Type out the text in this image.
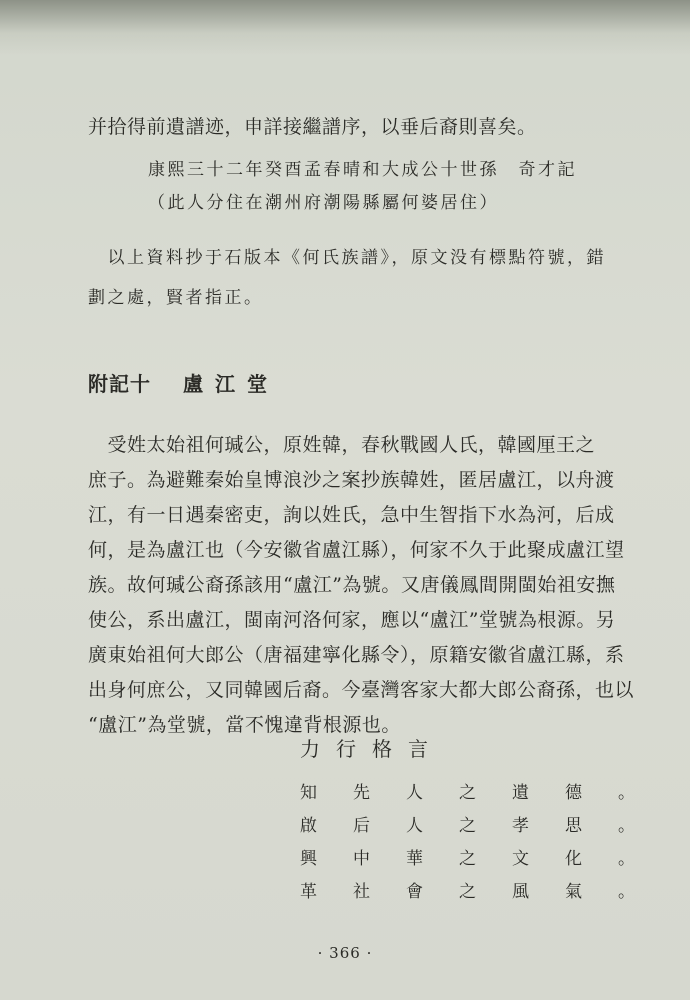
并拾得前遺譜迹，申詳接繼譜序，以垂后裔則喜矣。
康熙三十二年癸酉孟春晴和大成公十世孫　奇才記
（此人分住在潮州府潮陽縣屬何婆居住）
　以上資料抄于石版本《何氏族譜》，原文没有標點符號，錯
劃之處，賢者指正。
附記十 盧江堂
　受姓太始祖何瑊公，原姓韓，春秋戰國人氏，韓國厘王之
庶子。為避難秦始皇博浪沙之案抄族韓姓，匿居盧江，以舟渡
江，有一日遇秦密吏，詢以姓氏，急中生智指下水為河，后成
何，是為盧江也（今安徽省盧江縣），何家不久于此聚成盧江望
族。故何瑊公裔孫該用“盧江”為號。又唐儀鳳間開閩始祖安撫
使公，系出盧江，閩南河洛何家，應以“盧江”堂號為根源。另
廣東始祖何大郎公（唐福建寧化縣令），原籍安徽省盧江縣，系
出身何庶公，又同韓國后裔。今臺灣客家大都大郎公裔孫，也以
“盧江”為堂號，當不愧違背根源也。
力行格言
知先人之遺德。
啟后人之孝思。
興中華之文化。
革社會之風氣。
· 366 ·
